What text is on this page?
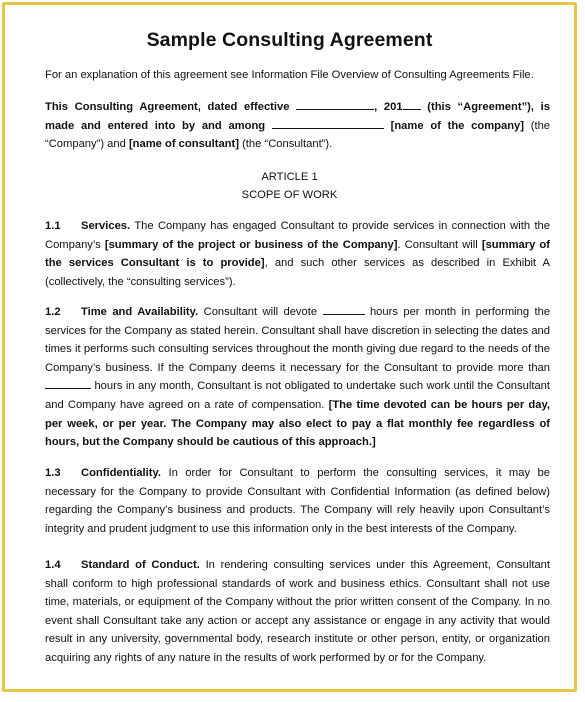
Sample Consulting Agreement
For an explanation of this agreement see Information File Overview of Consulting Agreements File.
This Consulting Agreement, dated effective	, 201 (this “Agreement”), is made and entered into by and among	[name of the company] (the “Company”) and [name of consultant] (the “Consultant”).
ARTICLE 1
SCOPE OF WORK
1.1 Services. The Company has engaged Consultant to provide services in connection with the Company’s [summary of the project or business of the Company]. Consultant will [summary of the services Consultant is to provide], and such other services as described in Exhibit A (collectively, the “consulting services”).
1.2 Time and Availability. Consultant will devote	hours per month in performing the services for the Company as stated herein. Consultant shall have discretion in selecting the dates and times it performs such consulting services throughout the month giving due regard to the needs of the Company’s business. If the Company deems it necessary for the Consultant to provide more than  hours in any month, Consultant is not obligated to undertake such work until the Consultant and Company have agreed on a rate of compensation. [The time devoted can be hours per day, per week, or per year. The Company may also elect to pay a flat monthly fee regardless of hours, but the Company should be cautious of this approach.]
1.3 Confidentiality. In order for Consultant to perform the consulting services, it may be necessary for the Company to provide Consultant with Confidential Information (as defined below) regarding the Company’s business and products. The Company will rely heavily upon Consultant’s integrity and prudent judgment to use this information only in the best interests of the Company.
1.4 Standard of Conduct. In rendering consulting services under this Agreement, Consultant shall conform to high professional standards of work and business ethics. Consultant shall not use time, materials, or equipment of the Company without the prior written consent of the Company. In no event shall Consultant take any action or accept any assistance or engage in any activity that would result in any university, governmental body, research institute or other person, entity, or organization acquiring any rights of any nature in the results of work performed by or for the Company.
